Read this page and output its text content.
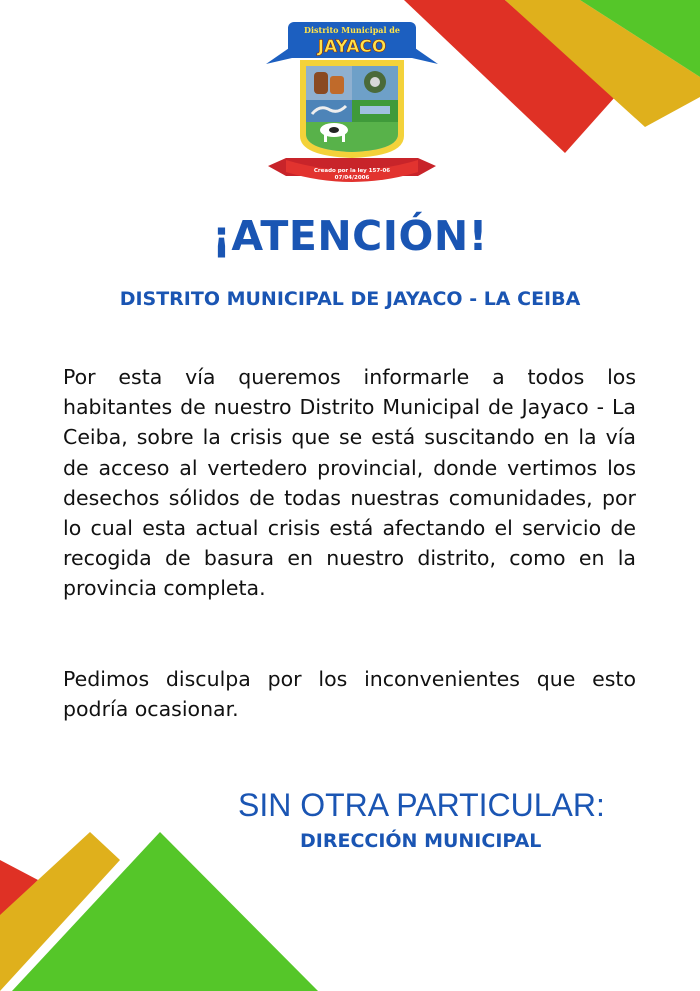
Distrito Municipal de
JAYACO
Creado por la ley 157-06
07/04/2006
¡ATENCIÓN!
DISTRITO MUNICIPAL DE JAYACO - LA CEIBA

Por esta vía queremos informarle a todos los habitantes de nuestro Distrito Municipal de Jayaco - La Ceiba, sobre la crisis que se está suscitando en la vía de acceso al vertedero provincial, donde vertimos los desechos sólidos de todas nuestras comunidades, por lo cual esta actual crisis está afectando el servicio de recogida de basura en nuestro distrito, como en la provincia completa.

Pedimos disculpa por los inconvenientes que esto podría ocasionar.

SIN OTRA PARTICULAR:
DIRECCIÓN MUNICIPAL
